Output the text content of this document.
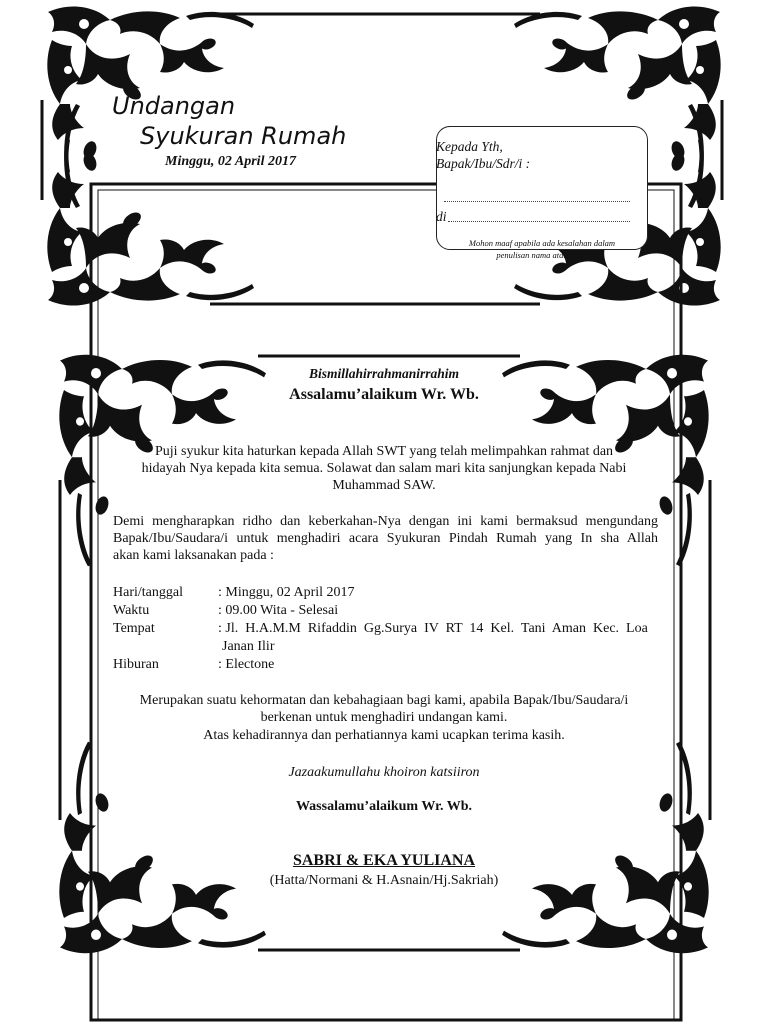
Undangan
Syukuran Rumah
Minggu, 02 April 2017
Kepada Yth,
Bapak/Ibu/Sdr/i :
di
Mohon maaf apabila ada kesalahan dalam
penulisan nama atau gelar
Bismillahirrahmanirrahim
Assalamu’alaikum Wr. Wb.
Puji syukur kita haturkan kepada Allah SWT yang telah melimpahkan rahmat dan
hidayah Nya kepada kita semua. Solawat dan salam mari kita sanjungkan kepada Nabi
Muhammad SAW.
Demi mengharapkan ridho dan keberkahan-Nya dengan ini kami bermaksud mengundang
Bapak/Ibu/Saudara/i untuk menghadiri acara Syukuran Pindah Rumah yang In sha Allah
akan kami laksanakan pada :
Hari/tanggal	: Minggu, 02 April 2017
Waktu	: 09.00 Wita - Selesai
Tempat	: Jl.  H.A.M.M  Rifaddin  Gg.Surya  IV  RT  14  Kel.  Tani  Aman  Kec.  Loa
Janan Ilir
Hiburan	: Electone
Merupakan suatu kehormatan dan kebahagiaan bagi kami, apabila Bapak/Ibu/Saudara/i
berkenan untuk menghadiri undangan kami.
Atas kehadirannya dan perhatiannya kami ucapkan terima kasih.
Jazaakumullahu khoiron katsiiron
Wassalamu’alaikum Wr. Wb.
SABRI & EKA YULIANA
(Hatta/Normani & H.Asnain/Hj.Sakriah)
